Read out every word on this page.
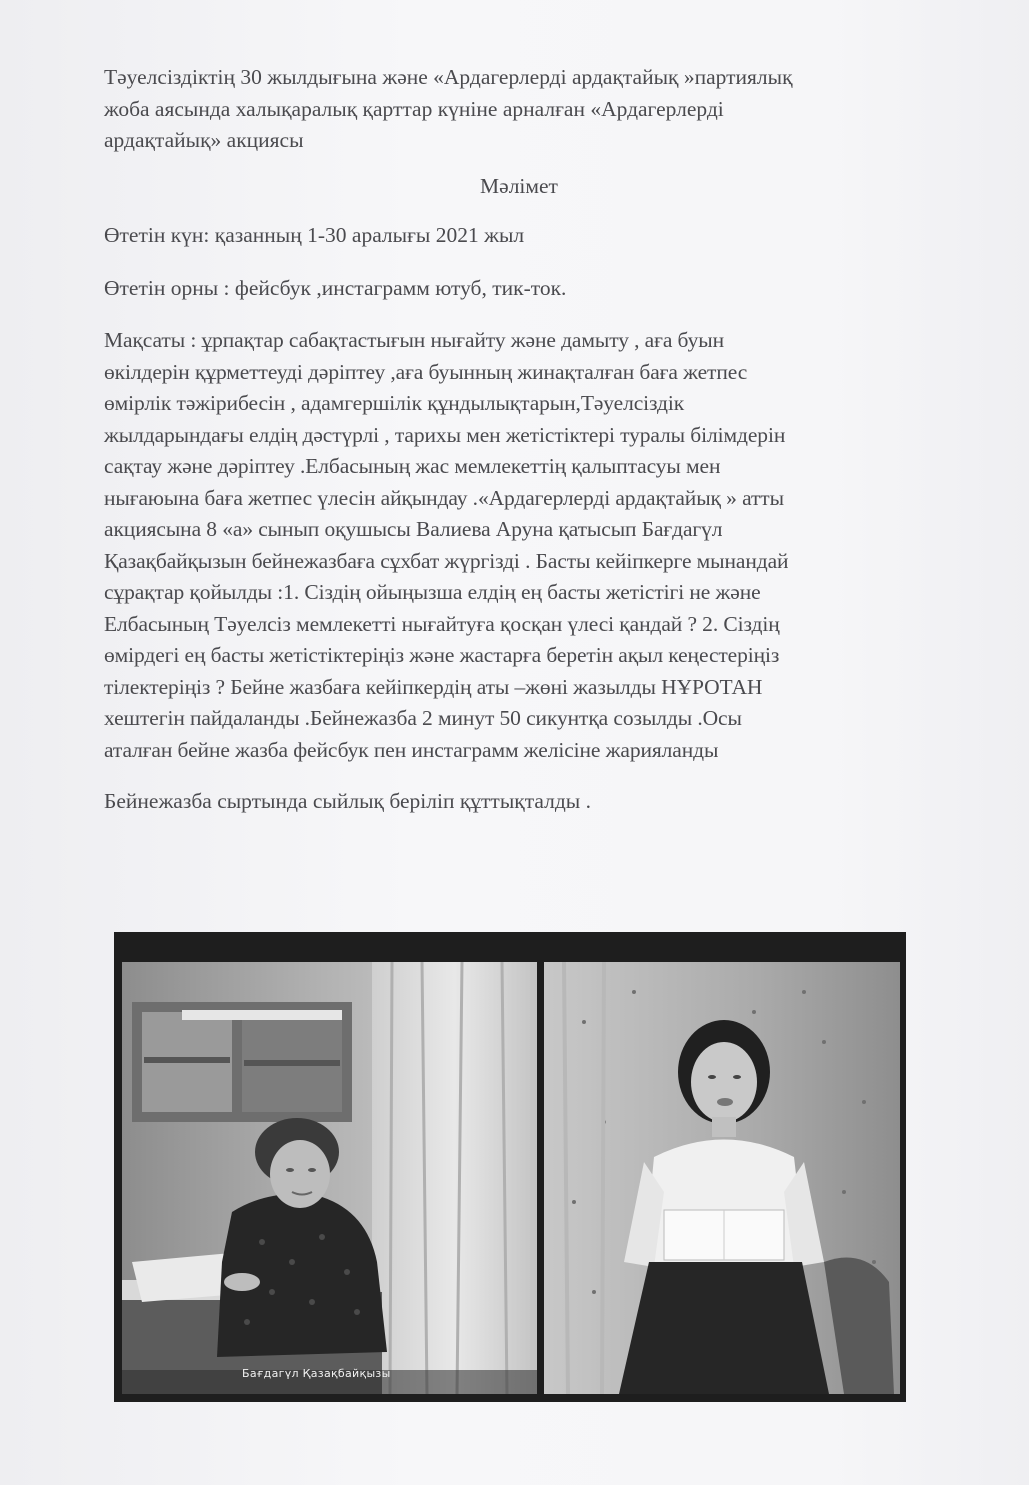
Тәуелсіздіктің 30 жылдығына және «Ардагерлерді ардақтайық »партиялық

жоба аясында халықаралық қарттар күніне арналған «Ардагерлерді

ардақтайық» акциясы

Мәлімет

Өтетін күн: қазанның 1-30 аралығы 2021 жыл

Өтетін орны : фейсбук ,инстаграмм ютуб, тик-ток.

Мақсаты : ұрпақтар сабақтастығын нығайту және дамыту , аға буын
өкілдерін құрметтеуді дәріптеу ,аға буынның жинақталған баға жетпес
өмірлік тәжірибесін , адамгершілік құндылықтарын,Тәуелсіздік
жылдарындағы елдің дәстүрлі , тарихы мен жетістіктері туралы білімдерін
сақтау және дәріптеу .Елбасының жас мемлекеттің қалыптасуы мен
нығаюына баға жетпес үлесін айқындау .«Ардагерлерді ардақтайық » атты
акциясына 8 «а» сынып оқушысы Валиева Аруна қатысып Бағдагүл
Қазақбайқызын бейнежазбаға сұхбат жүргізді . Басты кейіпкерге мынандай
сұрақтар қойылды :1. Сіздің ойыңызша елдің ең басты жетістігі не және
Елбасының Тәуелсіз мемлекетті нығайтуға қосқан үлесі қандай ? 2. Сіздің
өмірдегі ең басты жетістіктеріңіз және жастарға беретін ақыл кеңестеріңіз
тілектеріңіз ? Бейне жазбаға кейіпкердің аты –жөні жазылды НҰРОТАН
хештегін пайдаланды .Бейнежазба 2 минут 50 сикунтқа созылды .Осы
аталған бейне жазба фейсбук пен инстаграмм желісіне жарияланды

Бейнежазба сыртында сыйлық беріліп құттықталды .

Бағдагүл Қазақбайқызы
